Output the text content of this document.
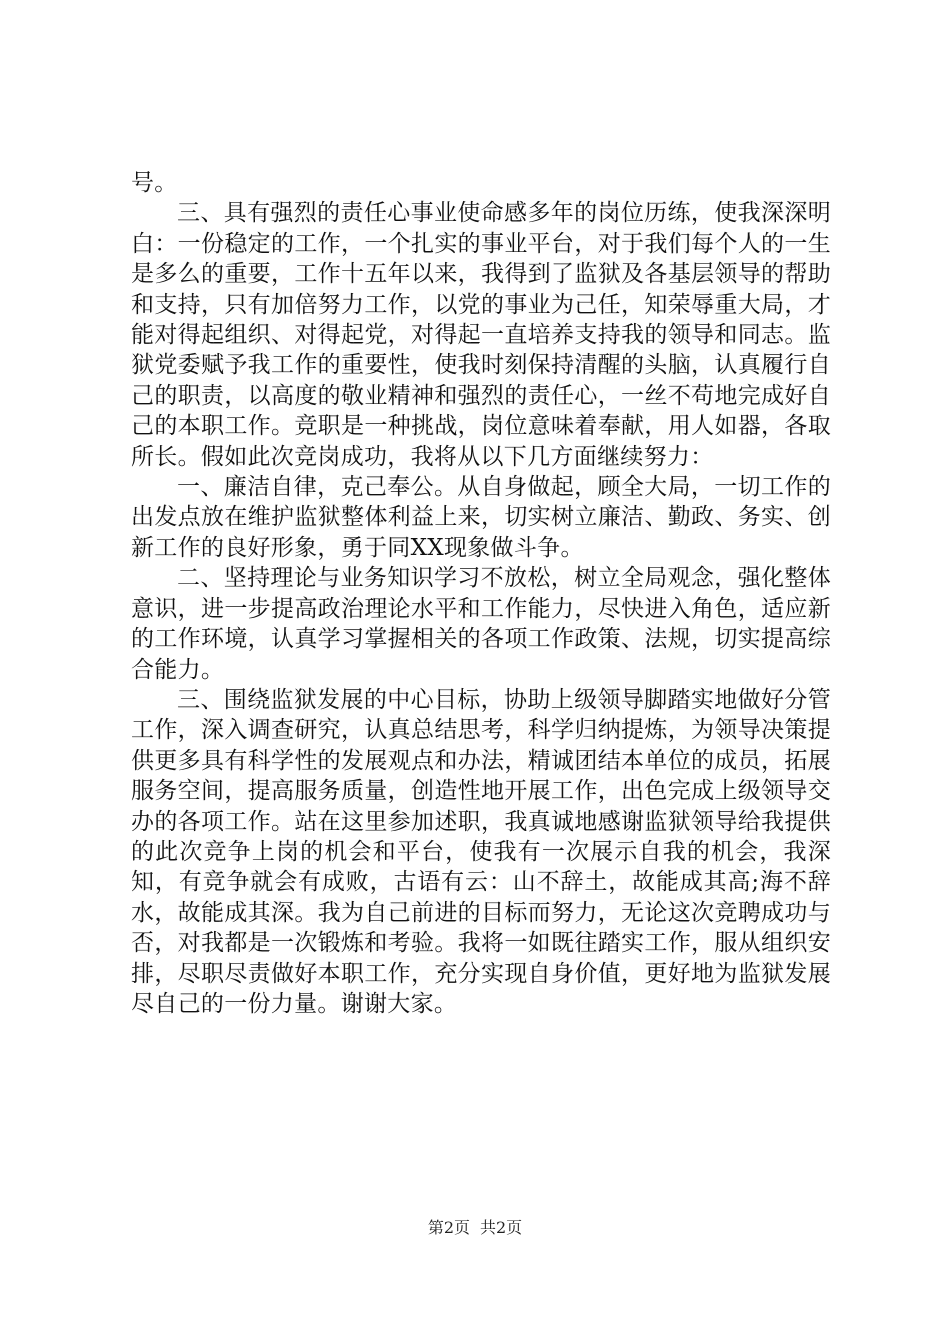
号。

三、具有强烈的责任心事业使命感多年的岗位历练，使我深深明白：一份稳定的工作，一个扎实的事业平台，对于我们每个人的一生是多么的重要，工作十五年以来，我得到了监狱及各基层领导的帮助和支持，只有加倍努力工作，以党的事业为己任，知荣辱重大局，才能对得起组织、对得起党，对得起一直培养支持我的领导和同志。监狱党委赋予我工作的重要性，使我时刻保持清醒的头脑，认真履行自己的职责，以高度的敬业精神和强烈的责任心，一丝不苟地完成好自己的本职工作。竞职是一种挑战，岗位意味着奉献，用人如器，各取所长。假如此次竞岗成功，我将从以下几方面继续努力：

一、廉洁自律，克己奉公。从自身做起，顾全大局，一切工作的出发点放在维护监狱整体利益上来，切实树立廉洁、勤政、务实、创新工作的良好形象，勇于同XX现象做斗争。

二、坚持理论与业务知识学习不放松，树立全局观念，强化整体意识，进一步提高政治理论水平和工作能力，尽快进入角色，适应新的工作环境，认真学习掌握相关的各项工作政策、法规，切实提高综合能力。

三、围绕监狱发展的中心目标，协助上级领导脚踏实地做好分管工作，深入调查研究，认真总结思考，科学归纳提炼，为领导决策提供更多具有科学性的发展观点和办法，精诚团结本单位的成员，拓展服务空间，提高服务质量，创造性地开展工作，出色完成上级领导交办的各项工作。站在这里参加述职，我真诚地感谢监狱领导给我提供的此次竞争上岗的机会和平台，使我有一次展示自我的机会，我深知，有竞争就会有成败，古语有云：山不辞土，故能成其高;海不辞水，故能成其深。我为自己前进的目标而努力，无论这次竞聘成功与否，对我都是一次锻炼和考验。我将一如既往踏实工作，服从组织安排，尽职尽责做好本职工作，充分实现自身价值，更好地为监狱发展尽自己的一份力量。谢谢大家。

第2页 共2页
